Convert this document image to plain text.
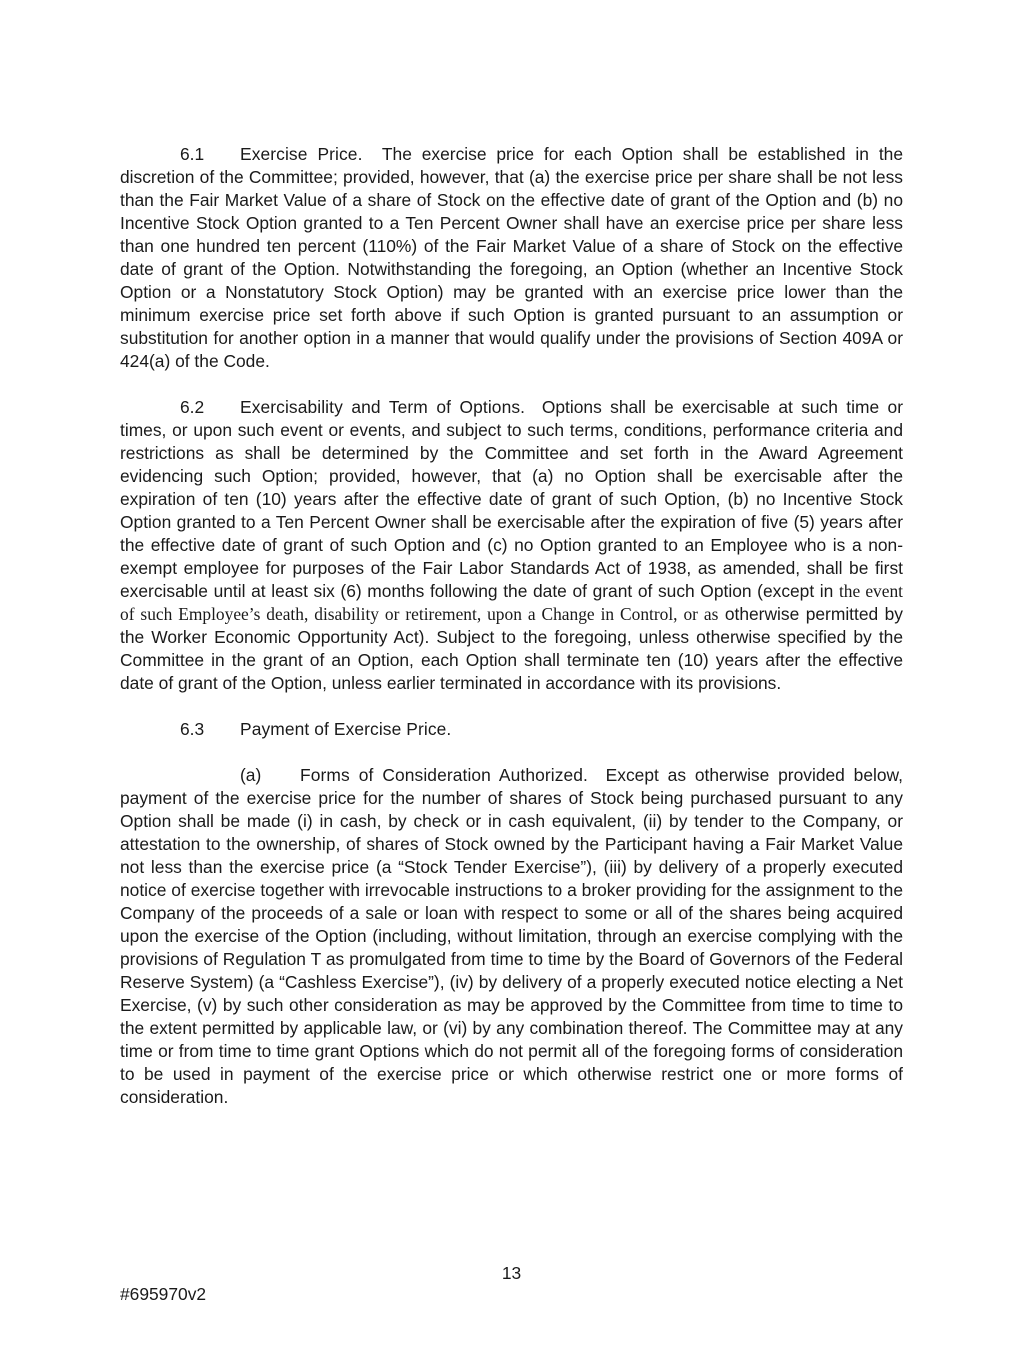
6.1 Exercise Price. The exercise price for each Option shall be established in the discretion of the Committee; provided, however, that (a) the exercise price per share shall be not less than the Fair Market Value of a share of Stock on the effective date of grant of the Option and (b) no Incentive Stock Option granted to a Ten Percent Owner shall have an exercise price per share less than one hundred ten percent (110%) of the Fair Market Value of a share of Stock on the effective date of grant of the Option. Notwithstanding the foregoing, an Option (whether an Incentive Stock Option or a Nonstatutory Stock Option) may be granted with an exercise price lower than the minimum exercise price set forth above if such Option is granted pursuant to an assumption or substitution for another option in a manner that would qualify under the provisions of Section 409A or 424(a) of the Code.

6.2 Exercisability and Term of Options. Options shall be exercisable at such time or times, or upon such event or events, and subject to such terms, conditions, performance criteria and restrictions as shall be determined by the Committee and set forth in the Award Agreement evidencing such Option; provided, however, that (a) no Option shall be exercisable after the expiration of ten (10) years after the effective date of grant of such Option, (b) no Incentive Stock Option granted to a Ten Percent Owner shall be exercisable after the expiration of five (5) years after the effective date of grant of such Option and (c) no Option granted to an Employee who is a non-exempt employee for purposes of the Fair Labor Standards Act of 1938, as amended, shall be first exercisable until at least six (6) months following the date of grant of such Option (except in the event of such Employee’s death, disability or retirement, upon a Change in Control, or as otherwise permitted by the Worker Economic Opportunity Act). Subject to the foregoing, unless otherwise specified by the Committee in the grant of an Option, each Option shall terminate ten (10) years after the effective date of grant of the Option, unless earlier terminated in accordance with its provisions.

6.3 Payment of Exercise Price.

(a) Forms of Consideration Authorized. Except as otherwise provided below, payment of the exercise price for the number of shares of Stock being purchased pursuant to any Option shall be made (i) in cash, by check or in cash equivalent, (ii) by tender to the Company, or attestation to the ownership, of shares of Stock owned by the Participant having a Fair Market Value not less than the exercise price (a “Stock Tender Exercise”), (iii) by delivery of a properly executed notice of exercise together with irrevocable instructions to a broker providing for the assignment to the Company of the proceeds of a sale or loan with respect to some or all of the shares being acquired upon the exercise of the Option (including, without limitation, through an exercise complying with the provisions of Regulation T as promulgated from time to time by the Board of Governors of the Federal Reserve System) (a “Cashless Exercise”), (iv) by delivery of a properly executed notice electing a Net Exercise, (v) by such other consideration as may be approved by the Committee from time to time to the extent permitted by applicable law, or (vi) by any combination thereof. The Committee may at any time or from time to time grant Options which do not permit all of the foregoing forms of consideration to be used in payment of the exercise price or which otherwise restrict one or more forms of consideration.

13
#695970v2
